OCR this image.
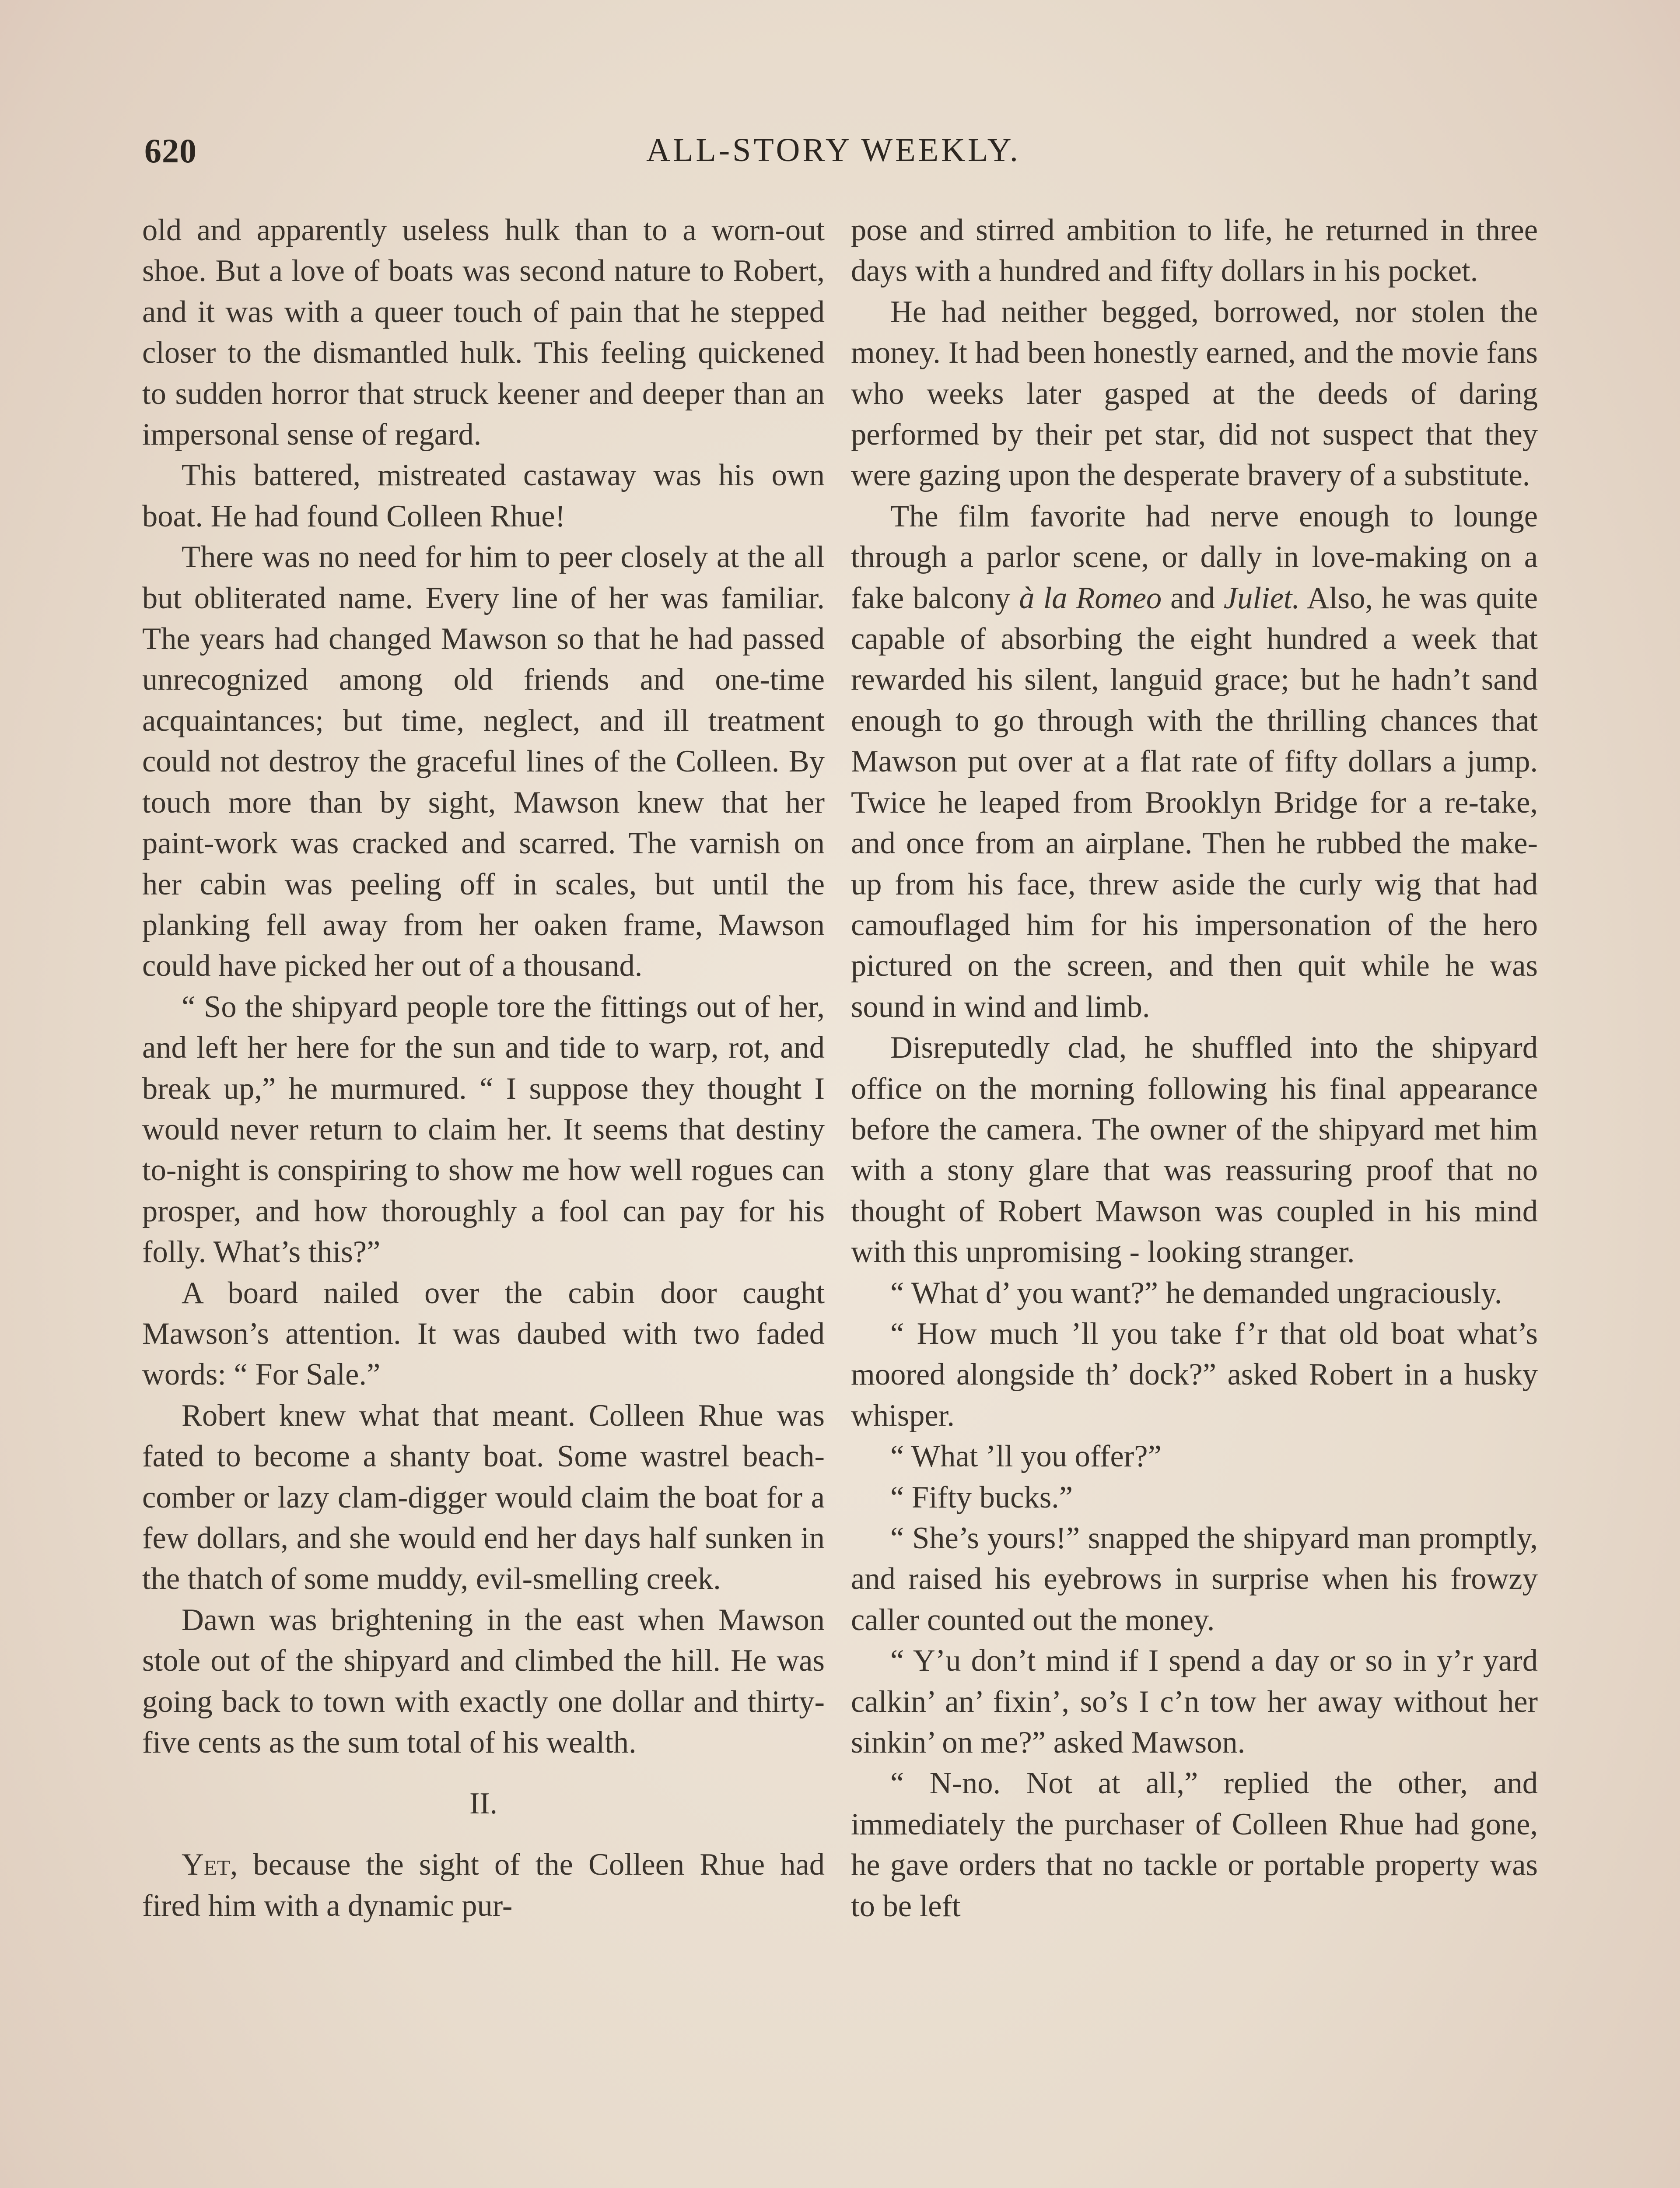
620	ALL-STORY WEEKLY.

old and apparently useless hulk than to a worn-out shoe. But a love of boats was second nature to Robert, and it was with a queer touch of pain that he stepped closer to the dismantled hulk. This feeling quickened to sudden horror that struck keener and deeper than an impersonal sense of regard.

This battered, mistreated castaway was his own boat. He had found Colleen Rhue!

There was no need for him to peer closely at the all but obliterated name. Every line of her was familiar. The years had changed Mawson so that he had passed unrecognized among old friends and one-time acquaintances; but time, neglect, and ill treatment could not destroy the graceful lines of the Colleen. By touch more than by sight, Mawson knew that her paint-work was cracked and scarred. The varnish on her cabin was peeling off in scales, but until the planking fell away from her oaken frame, Mawson could have picked her out of a thousand.

“ So the shipyard people tore the fittings out of her, and left her here for the sun and tide to warp, rot, and break up,” he murmured. “ I suppose they thought I would never return to claim her. It seems that destiny to-night is conspiring to show me how well rogues can prosper, and how thoroughly a fool can pay for his folly. What’s this?”

A board nailed over the cabin door caught Mawson’s attention. It was daubed with two faded words: “ For Sale.”

Robert knew what that meant. Colleen Rhue was fated to become a shanty boat. Some wastrel beach-comber or lazy clam-digger would claim the boat for a few dollars, and she would end her days half sunken in the thatch of some muddy, evil-smelling creek.

Dawn was brightening in the east when Mawson stole out of the shipyard and climbed the hill. He was going back to town with exactly one dollar and thirty-five cents as the sum total of his wealth.

II.

Yet, because the sight of the Colleen Rhue had fired him with a dynamic pur-

pose and stirred ambition to life, he returned in three days with a hundred and fifty dollars in his pocket.

He had neither begged, borrowed, nor stolen the money. It had been honestly earned, and the movie fans who weeks later gasped at the deeds of daring performed by their pet star, did not suspect that they were gazing upon the desperate bravery of a substitute.

The film favorite had nerve enough to lounge through a parlor scene, or dally in love-making on a fake balcony à la Romeo and Juliet. Also, he was quite capable of absorbing the eight hundred a week that rewarded his silent, languid grace; but he hadn’t sand enough to go through with the thrilling chances that Mawson put over at a flat rate of fifty dollars a jump. Twice he leaped from Brooklyn Bridge for a re-take, and once from an airplane. Then he rubbed the make-up from his face, threw aside the curly wig that had camouflaged him for his impersonation of the hero pictured on the screen, and then quit while he was sound in wind and limb.

Disreputedly clad, he shuffled into the shipyard office on the morning following his final appearance before the camera. The owner of the shipyard met him with a stony glare that was reassuring proof that no thought of Robert Mawson was coupled in his mind with this unpromising - looking stranger.

“ What d’ you want?” he demanded ungraciously.

“ How much ’ll you take f’r that old boat what’s moored alongside th’ dock?” asked Robert in a husky whisper.

“ What ’ll you offer?”

“ Fifty bucks.”

“ She’s yours!” snapped the shipyard man promptly, and raised his eyebrows in surprise when his frowzy caller counted out the money.

“ Y’u don’t mind if I spend a day or so in y’r yard calkin’ an’ fixin’, so’s I c’n tow her away without her sinkin’ on me?” asked Mawson.

“ N-no. Not at all,” replied the other, and immediately the purchaser of Colleen Rhue had gone, he gave orders that no tackle or portable property was to be left
